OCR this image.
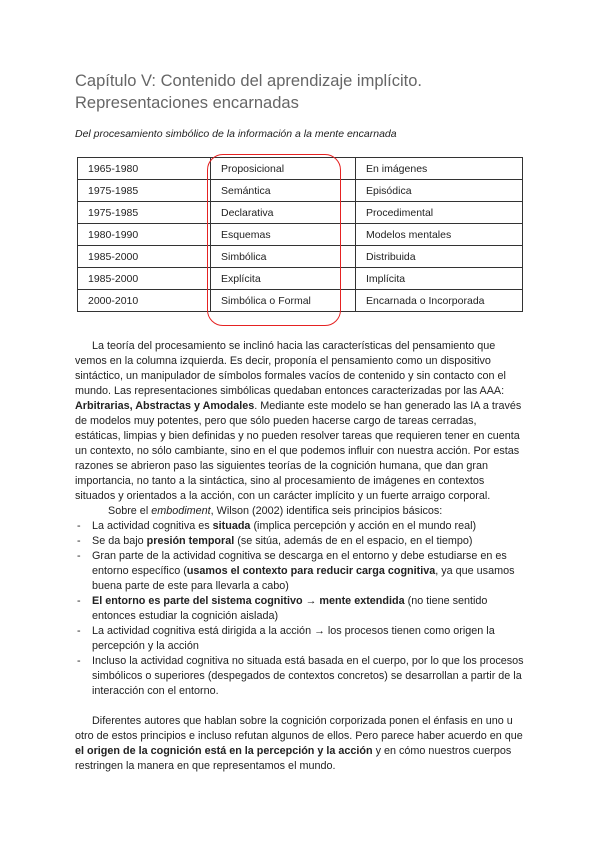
Capítulo V: Contenido del aprendizaje implícito. Representaciones encarnadas
Del procesamiento simbólico de la información a la mente encarnada
1965-1980	Proposicional	En imágenes
1975-1985	Semántica	Episódica
1975-1985	Declarativa	Procedimental
1980-1990	Esquemas	Modelos mentales
1985-2000	Simbólica	Distribuida
1985-2000	Explícita	Implícita
2000-2010	Simbólica o Formal	Encarnada o Incorporada

La teoría del procesamiento se inclinó hacia las características del pensamiento que vemos en la columna izquierda. Es decir, proponía el pensamiento como un dispositivo sintáctico, un manipulador de símbolos formales vacíos de contenido y sin contacto con el mundo. Las representaciones simbólicas quedaban entonces caracterizadas por las AAA: Arbitrarias, Abstractas y Amodales. Mediante este modelo se han generado las IA a través de modelos muy potentes, pero que sólo pueden hacerse cargo de tareas cerradas, estáticas, limpias y bien definidas y no pueden resolver tareas que requieren tener en cuenta un contexto, no sólo cambiante, sino en el que podemos influir con nuestra acción. Por estas razones se abrieron paso las siguientes teorías de la cognición humana, que dan gran importancia, no tanto a la sintáctica, sino al procesamiento de imágenes en contextos situados y orientados a la acción, con un carácter implícito y un fuerte arraigo corporal.

Sobre el embodiment, Wilson (2002) identifica seis principios básicos:

- La actividad cognitiva es situada (implica percepción y acción en el mundo real)
- Se da bajo presión temporal (se sitúa, además de en el espacio, en el tiempo)
- Gran parte de la actividad cognitiva se descarga en el entorno y debe estudiarse en es entorno específico (usamos el contexto para reducir carga cognitiva, ya que usamos buena parte de este para llevarla a cabo)
- El entorno es parte del sistema cognitivo → mente extendida (no tiene sentido entonces estudiar la cognición aislada)
- La actividad cognitiva está dirigida a la acción → los procesos tienen como origen la percepción y la acción
- Incluso la actividad cognitiva no situada está basada en el cuerpo, por lo que los procesos simbólicos o superiores (despegados de contextos concretos) se desarrollan a partir de la interacción con el entorno.

Diferentes autores que hablan sobre la cognición corporizada ponen el énfasis en uno u otro de estos principios e incluso refutan algunos de ellos. Pero parece haber acuerdo en que el origen de la cognición está en la percepción y la acción y en cómo nuestros cuerpos restringen la manera en que representamos el mundo.
